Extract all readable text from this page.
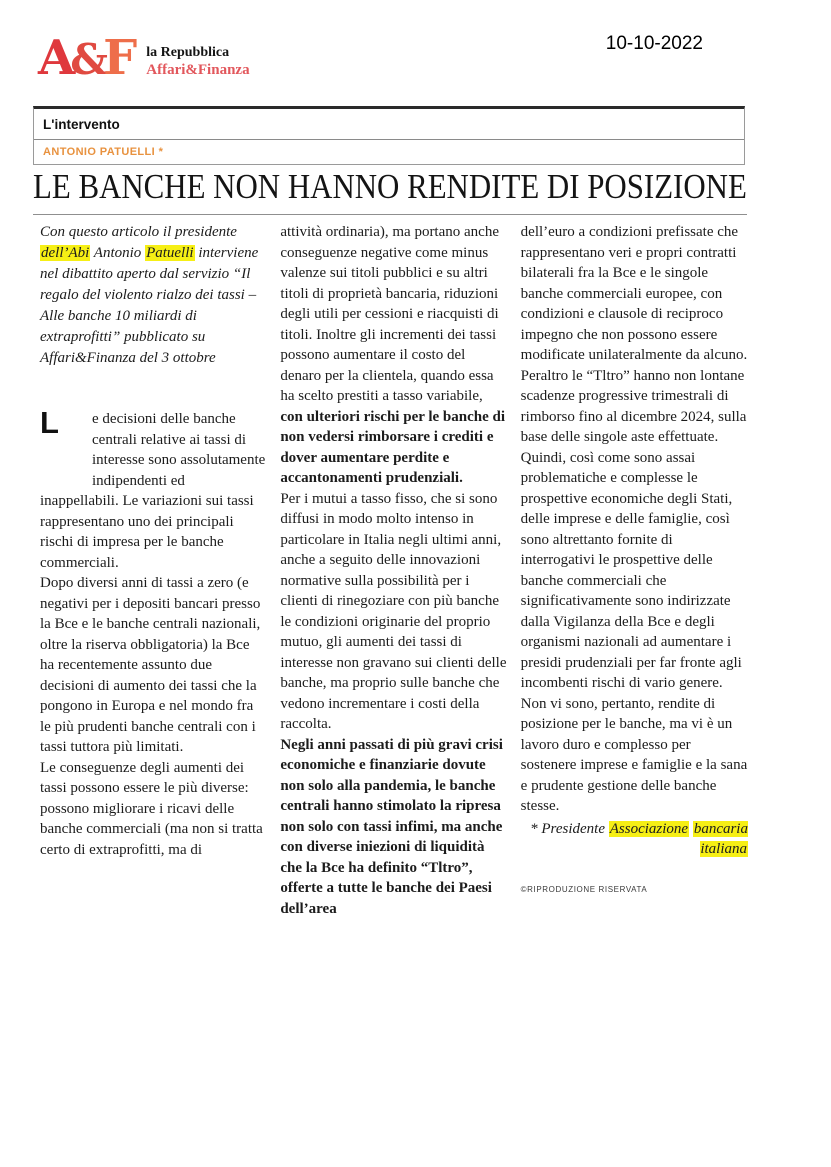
A&F la Repubblica
Affari&Finanza
10-10-2022
L'intervento
ANTONIO PATUELLI *
LE BANCHE NON HANNO RENDITE DI POSIZIONE

Con questo articolo il presidente dell’Abi Antonio Patuelli interviene nel dibattito aperto dal servizio “Il regalo del violento rialzo dei tassi – Alle banche 10 miliardi di extraprofitti” pubblicato su Affari&Finanza del 3 ottobre

L	e decisioni delle banche centrali relative ai tassi di interesse sono assolutamente indipendenti ed inappellabili. Le variazioni sui tassi rappresentano uno dei principali rischi di impresa per le banche commerciali.

Dopo diversi anni di tassi a zero (e negativi per i depositi bancari presso la Bce e le banche centrali nazionali, oltre la riserva obbligatoria) la Bce ha recentemente assunto due decisioni di aumento dei tassi che la pongono in Europa e nel mondo fra le più prudenti banche centrali con i tassi tuttora più limitati.

Le conseguenze degli aumenti dei tassi possono essere le più diverse: possono migliorare i ricavi delle banche commerciali (ma non si tratta certo di extraprofitti, ma di

attività ordinaria), ma portano anche conseguenze negative come minus valenze sui titoli pubblici e su altri titoli di proprietà bancaria, riduzioni degli utili per cessioni e riacquisti di titoli. Inoltre gli incrementi dei tassi possono aumentare il costo del denaro per la clientela, quando essa ha scelto prestiti a tasso variabile, con ulteriori rischi per le banche di non vedersi rimborsare i crediti e dover aumentare perdite e accantonamenti prudenziali.

Per i mutui a tasso fisso, che si sono diffusi in modo molto intenso in particolare in Italia negli ultimi anni, anche a seguito delle innovazioni normative sulla possibilità per i clienti di rinegoziare con più banche le condizioni originarie del proprio mutuo, gli aumenti dei tassi di interesse non gravano sui clienti delle banche, ma proprio sulle banche che vedono incrementare i costi della raccolta.

Negli anni passati di più gravi crisi economiche e finanziarie dovute non solo alla pandemia, le banche centrali hanno stimolato la ripresa non solo con tassi infimi, ma anche con diverse iniezioni di liquidità che la Bce ha definito “Tltro”, offerte a tutte le banche dei Paesi dell’area

dell’euro a condizioni prefissate che rappresentano veri e propri contratti bilaterali fra la Bce e le singole banche commerciali europee, con condizioni e clausole di reciproco impegno che non possono essere modificate unilateralmente da alcuno. Peraltro le “Tltro” hanno non lontane scadenze progressive trimestrali di rimborso fino al dicembre 2024, sulla base delle singole aste effettuate.

Quindi, così come sono assai problematiche e complesse le prospettive economiche degli Stati, delle imprese e delle famiglie, così sono altrettanto fornite di interrogativi le prospettive delle banche commerciali che significativamente sono indirizzate dalla Vigilanza della Bce e degli organismi nazionali ad aumentare i presidi prudenziali per far fronte agli incombenti rischi di vario genere. Non vi sono, pertanto, rendite di posizione per le banche, ma vi è un lavoro duro e complesso per sostenere imprese e famiglie e la sana e prudente gestione delle banche stesse.

* Presidente Associazione bancaria italiana

©RIPRODUZIONE RISERVATA
